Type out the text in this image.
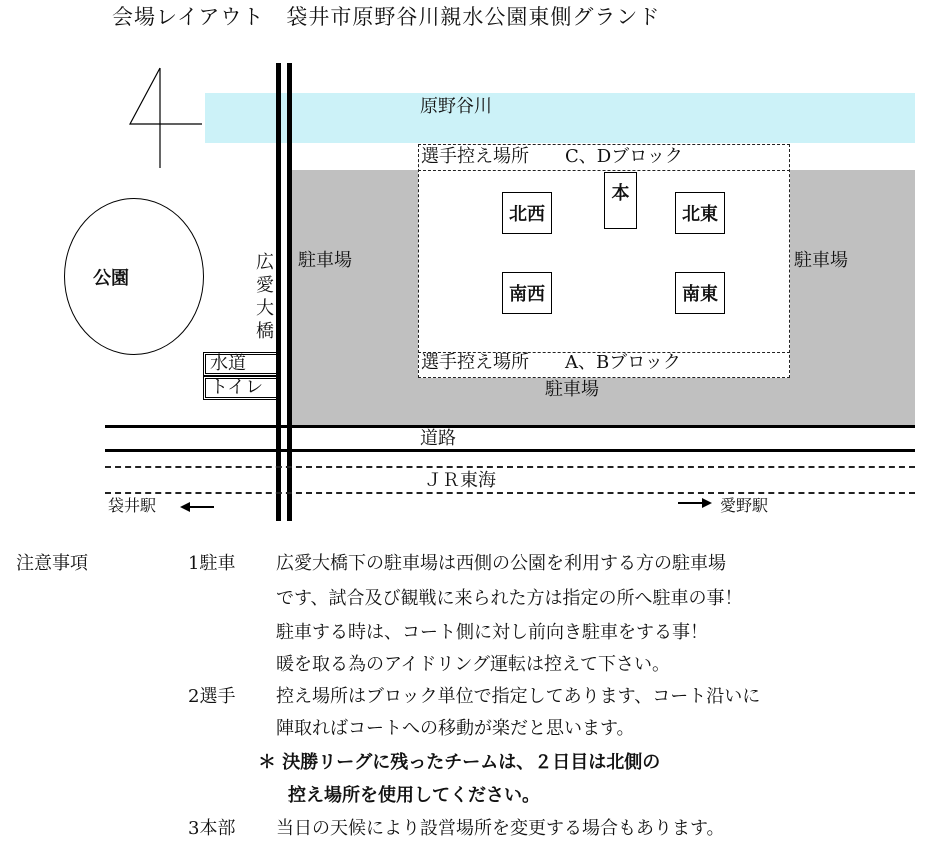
会場レイアウト　袋井市原野谷川親水公園東側グランド
原野谷川
選手控え場所　　C、Dブロック
選手控え場所　　A、Bブロック
本
北西	北東
南西	南東
駐車場	駐車場
駐車場
公園
広愛大橋
水道
トイレ
道路
ＪＲ東海
袋井駅	愛野駅
注意事項	1駐車 広愛大橋下の駐車場は西側の公園を利用する方の駐車場
です、試合及び観戦に来られた方は指定の所へ駐車の事！
駐車する時は、コート側に対し前向き駐車をする事！
暖を取る為のアイドリング運転は控えて下さい。
2選手 控え場所はブロック単位で指定してあります、コート沿いに
陣取ればコートへの移動が楽だと思います。
＊ 決勝リーグに残ったチームは、２日目は北側の
控え場所を使用してください。
3本部 当日の天候により設営場所を変更する場合もあります。
